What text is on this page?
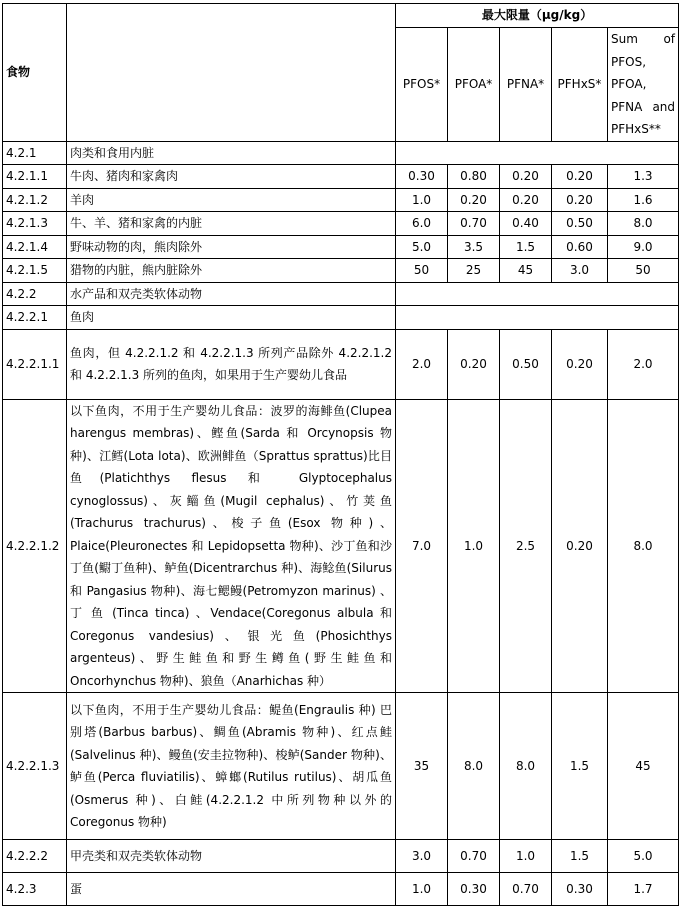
食物		最大限量（μg/kg）				
		PFOS*	PFOA*	PFNA*	PFHxS*	Sum of
PFOS,
PFOA,
PFNA and
PFHxS**

4.2.1	肉类和食用内脏					
4.2.1.1	牛肉、猪肉和家禽肉	0.30	0.80	0.20	0.20	1.3
4.2.1.2	羊肉	1.0	0.20	0.20	0.20	1.6
4.2.1.3	牛、羊、猪和家禽的内脏	6.0	0.70	0.40	0.50	8.0
4.2.1.4	野味动物的肉，熊肉除外	5.0	3.5	1.5	0.60	9.0
4.2.1.5	猎物的内脏，熊内脏除外	50	25	45	3.0	50
4.2.2	水产品和双壳类软体动物					
4.2.2.1	鱼肉					
4.2.2.1.1	鱼肉，但 4.2.2.1.2 和 4.2.2.1.3 所列产品除外 4.2.2.1.2 和 4.2.2.1.3 所列的鱼肉，如果用于生产婴幼儿食品	2.0	0.20	0.50	0.20	2.0
4.2.2.1.2	以下鱼肉，不用于生产婴幼儿食品：波罗的海鲱鱼(Clupea harengus membras)、鲣鱼(Sarda 和 Orcynopsis 物种)、江鳕(Lota lota)、欧洲鲱鱼（Sprattus sprattus)比目鱼(Platichthys flesus 和 Glyptocephalus cynoglossus)、灰鲻鱼(Mugil cephalus)、竹荚鱼(Trachurus trachurus)、梭子鱼(Esox 物种)、Plaice(Pleuronectes 和 Lepidopsetta 物种)、沙丁鱼和沙丁鱼(鳚丁鱼种)、鲈鱼(Dicentrarchus 种)、海鲶鱼(Silurus 和 Pangasius 物种)、海七鳃鳗(Petromyzon marinus) 、 丁 鱼 (Tinca tinca) 、Vendace(Coregonus albula 和 Coregonus vandesius)、银光鱼(Phosichthys argenteus)、野生鲑鱼和野生鳟鱼(野生鲑鱼和 Oncorhynchus 物种)、狼鱼（Anarhichas 种）	7.0	1.0	2.5	0.20	8.0
4.2.2.1.3	以下鱼肉，不用于生产婴幼儿食品：鳀鱼(Engraulis 种) 巴别塔(Barbus barbus)、鲷鱼(Abramis 物种)、红点鲑(Salvelinus 种)、鳗鱼(安圭拉物种)、梭鲈(Sander 物种)、鲈鱼(Perca fluviatilis)、蟑螂(Rutilus rutilus)、胡瓜鱼(Osmerus 种)、白鲑(4.2.2.1.2 中所列物种以外的 Coregonus 物种)	35	8.0	8.0	1.5	45
4.2.2.2	甲壳类和双壳类软体动物	3.0	0.70	1.0	1.5	5.0
4.2.3	蛋	1.0	0.30	0.70	0.30	1.7
